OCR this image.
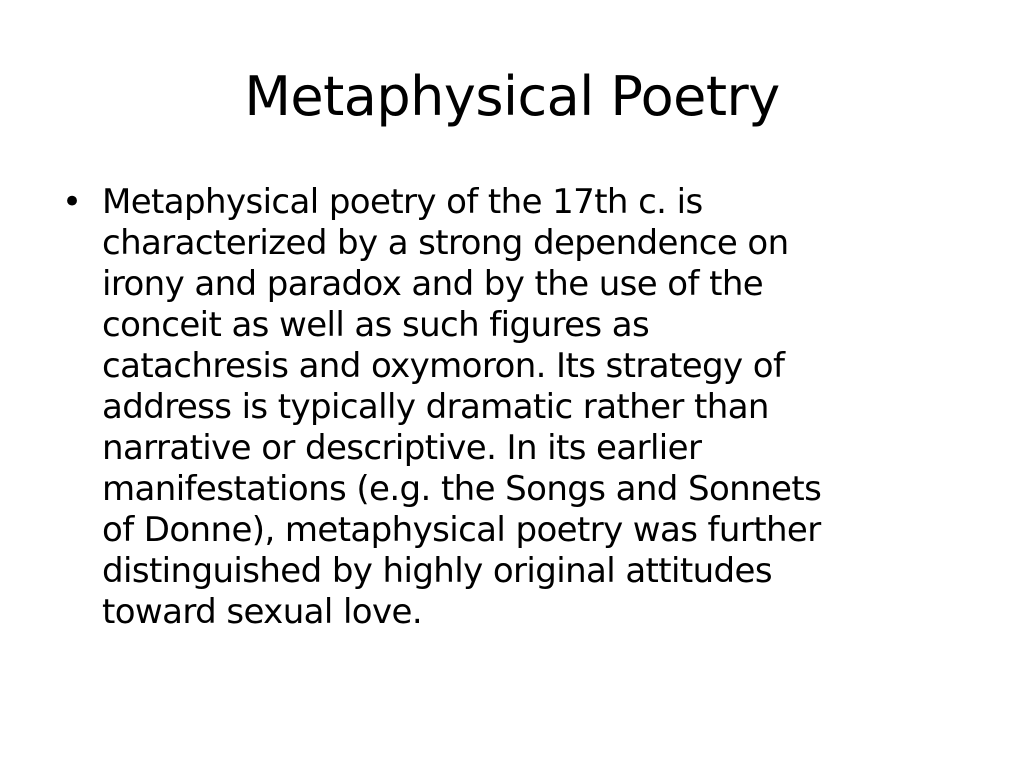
Metaphysical Poetry
• Metaphysical poetry of the 17th c. is
characterized by a strong dependence on
irony and paradox and by the use of the
conceit as well as such figures as
catachresis and oxymoron. Its strategy of
address is typically dramatic rather than
narrative or descriptive. In its earlier
manifestations (e.g. the Songs and Sonnets
of Donne), metaphysical poetry was further
distinguished by highly original attitudes
toward sexual love.
